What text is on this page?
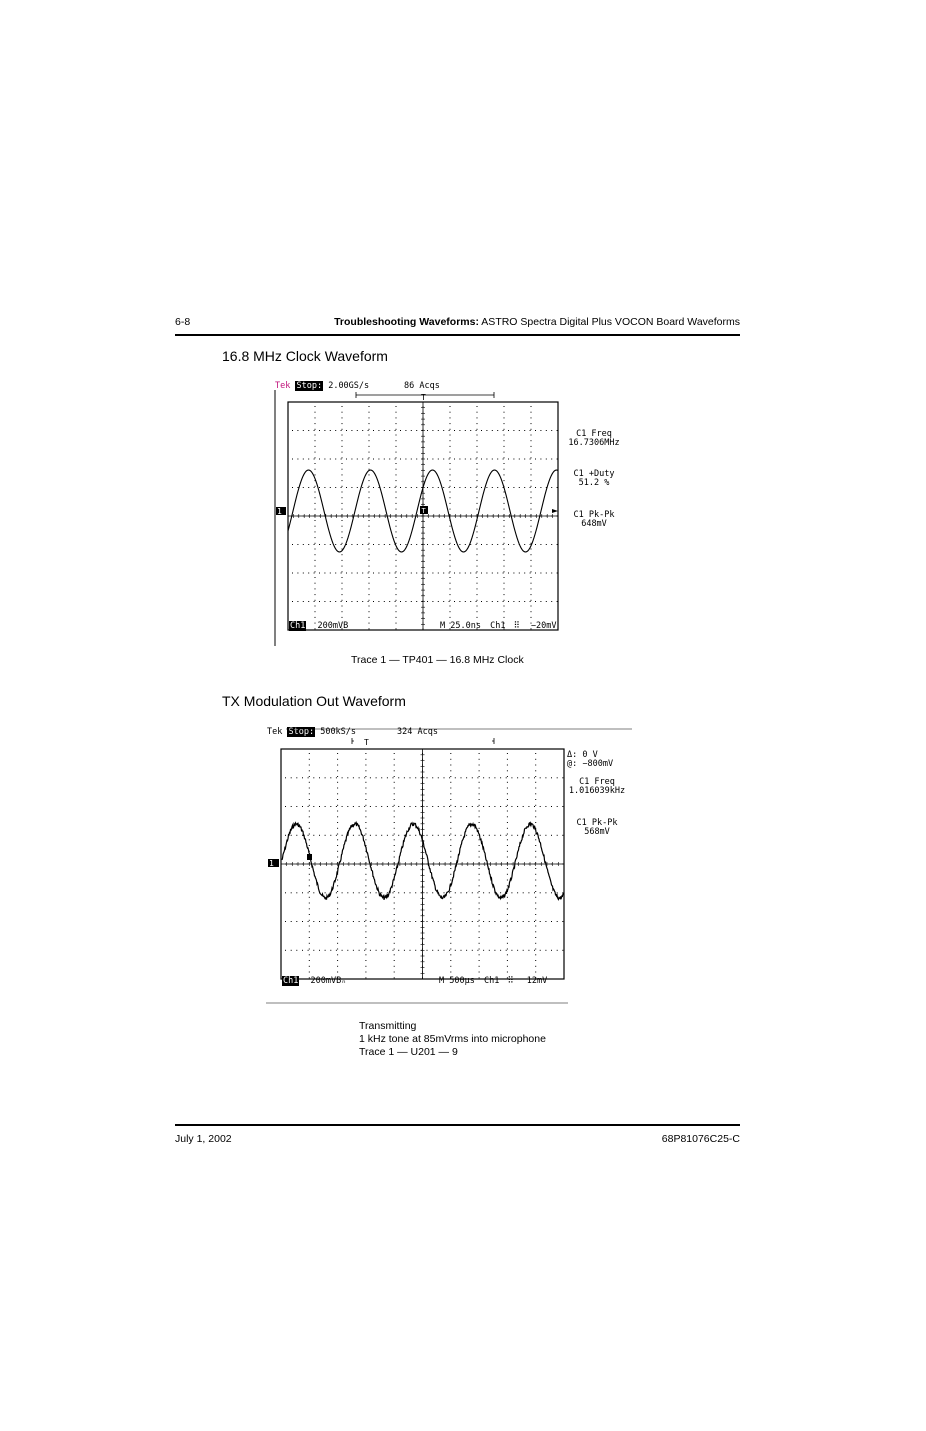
6-8	Troubleshooting Waveforms: ASTRO Spectra Digital Plus VOCON Board Waveforms
16.8 MHz Clock Waveform
Tek Stop: 2.00GS/s	86 Acqs
1	T
T
Ch1 200mVΒ	M 25.0ns Ch1 ⠿ −20mV
C1 Freq
16.7306MHz
C1 +Duty
51.2 %
C1 Pk-Pk
648mV
Trace 1 — TP401 — 16.8 MHz Clock
TX Modulation Out Waveform
Tek Stop: 500kS/s	324 Acqs
1
T
Ch1 200mVΒₙ	M 500µs Ch1 ⠿ 12mV
Δ: 0 V
@: −800mV
C1 Freq
1.016039kHz
C1 Pk-Pk
568mV
Transmitting
1 kHz tone at 85mVrms into microphone
Trace 1 — U201 — 9
July 1, 2002	68P81076C25-C
